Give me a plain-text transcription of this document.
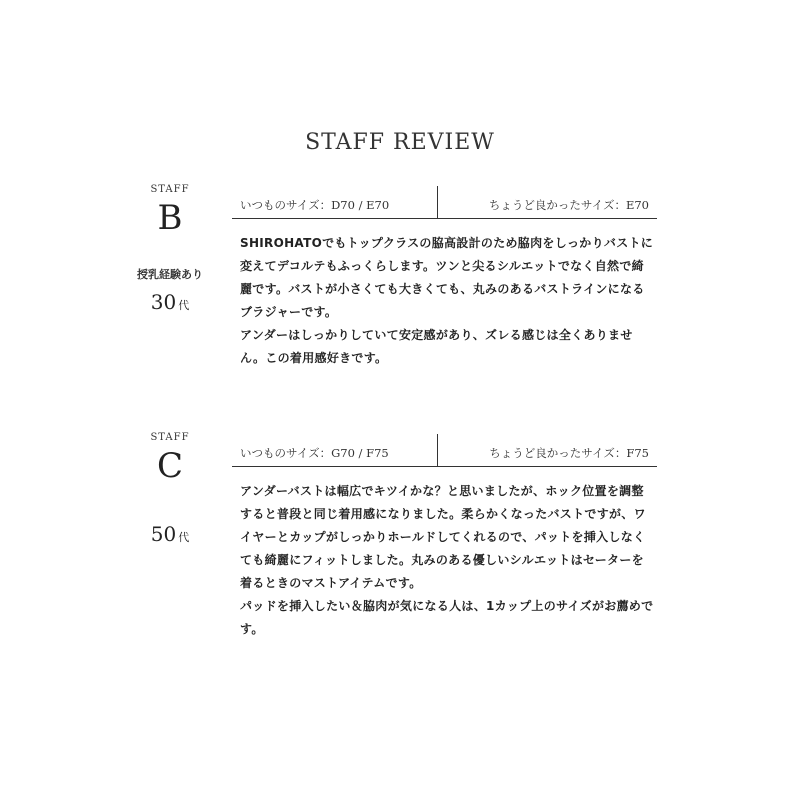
STAFF REVIEW
STAFF
B
授乳経験あり
30 代
いつものサイズ：D70 / E70	ちょうど良かったサイズ：E70

SHIROHATOでもトップクラスの脇高設計のため脇肉をしっかりバストに変えてデコルテもふっくらします。ツンと尖るシルエットでなく自然で綺麗です。バストが小さくても大きくても、丸みのあるバストラインになるブラジャーです。

アンダーはしっかりしていて安定感があり、ズレる感じは全くありません。この着用感好きです。

STAFF
C
50 代
いつものサイズ：G70 / F75	ちょうど良かったサイズ：F75

アンダーバストは幅広でキツイかな？と思いましたが、ホック位置を調整すると普段と同じ着用感になりました。柔らかくなったバストですが、ワイヤーとカップがしっかりホールドしてくれるので、パットを挿入しなくても綺麗にフィットしました。丸みのある優しいシルエットはセーターを着るときのマストアイテムです。

パッドを挿入したい＆脇肉が気になる人は、1カップ上のサイズがお薦めです。
